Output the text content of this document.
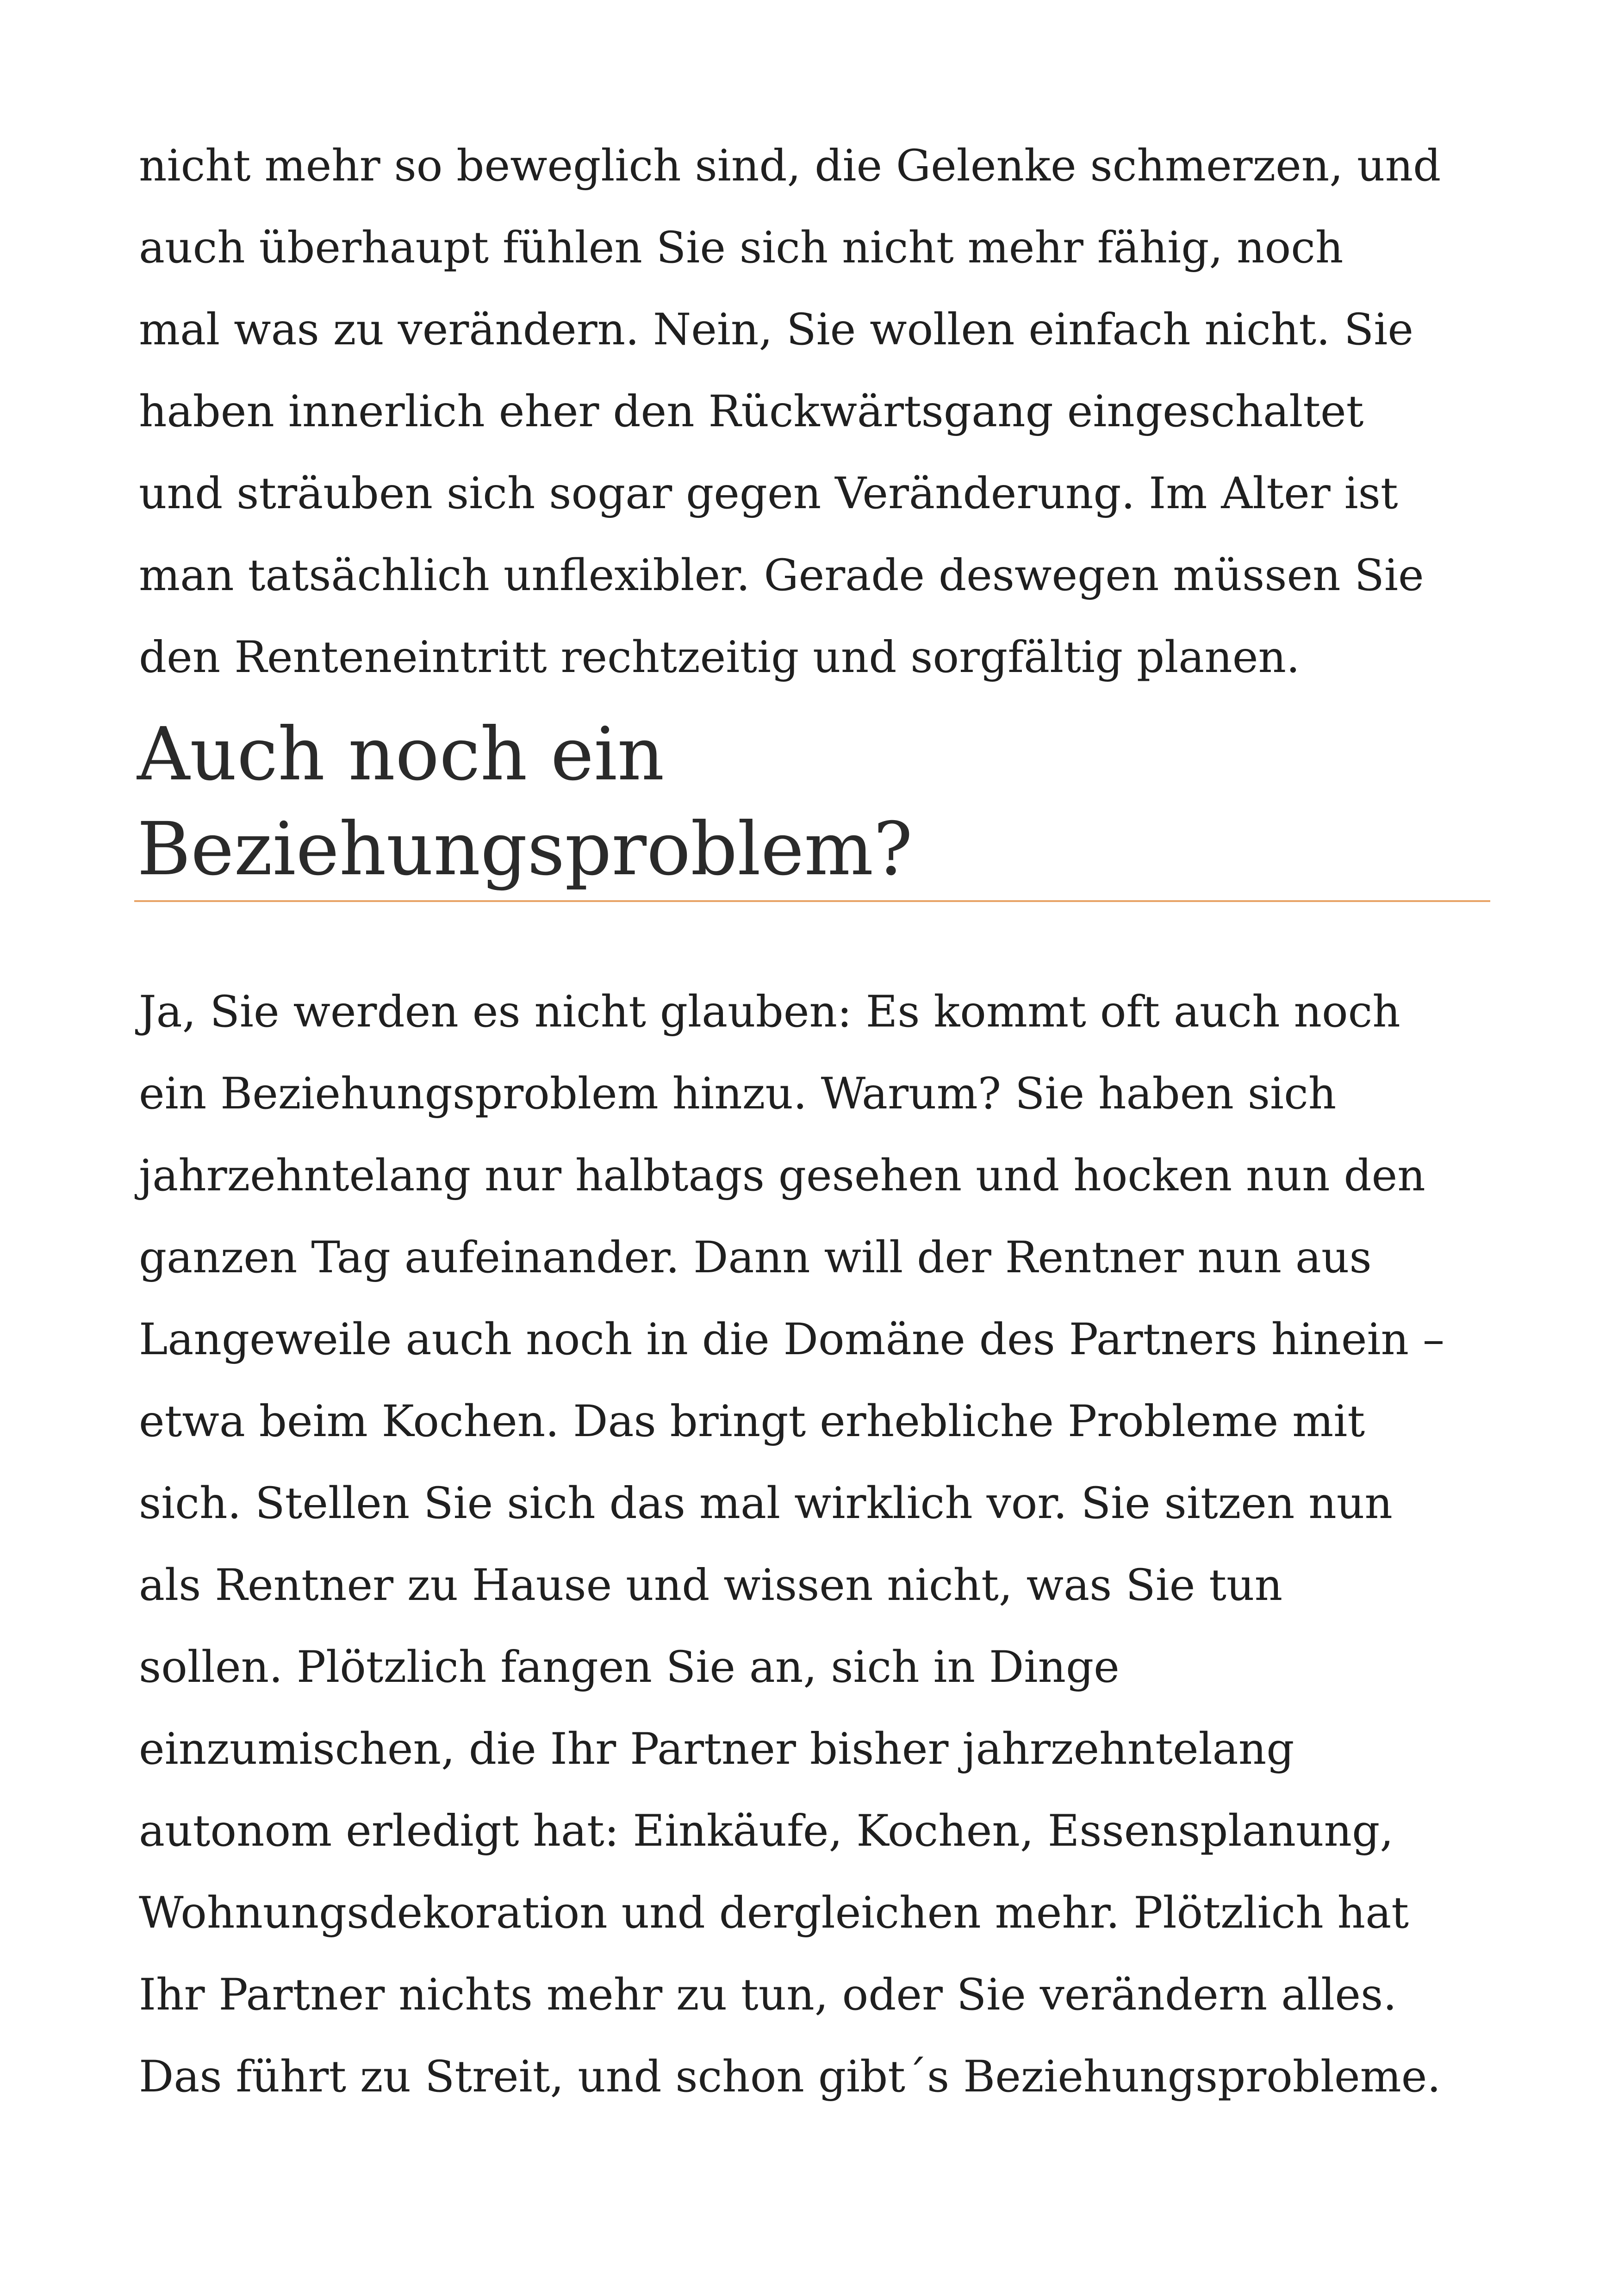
nicht mehr so beweglich sind, die Gelenke schmerzen, und
auch überhaupt fühlen Sie sich nicht mehr fähig, noch
mal was zu verändern. Nein, Sie wollen einfach nicht. Sie
haben innerlich eher den Rückwärtsgang eingeschaltet
und sträuben sich sogar gegen Veränderung. Im Alter ist
man tatsächlich unflexibler. Gerade deswegen müssen Sie
den Renteneintritt rechtzeitig und sorgfältig planen.

Auch noch ein
Beziehungsproblem?

Ja, Sie werden es nicht glauben: Es kommt oft auch noch
ein Beziehungsproblem hinzu. Warum? Sie haben sich
jahrzehntelang nur halbtags gesehen und hocken nun den
ganzen Tag aufeinander. Dann will der Rentner nun aus
Langeweile auch noch in die Domäne des Partners hinein –
etwa beim Kochen. Das bringt erhebliche Probleme mit
sich. Stellen Sie sich das mal wirklich vor. Sie sitzen nun
als Rentner zu Hause und wissen nicht, was Sie tun
sollen. Plötzlich fangen Sie an, sich in Dinge
einzumischen, die Ihr Partner bisher jahrzehntelang
autonom erledigt hat: Einkäufe, Kochen, Essensplanung,
Wohnungsdekoration und dergleichen mehr. Plötzlich hat
Ihr Partner nichts mehr zu tun, oder Sie verändern alles.
Das führt zu Streit, und schon gibt´s Beziehungsprobleme.
